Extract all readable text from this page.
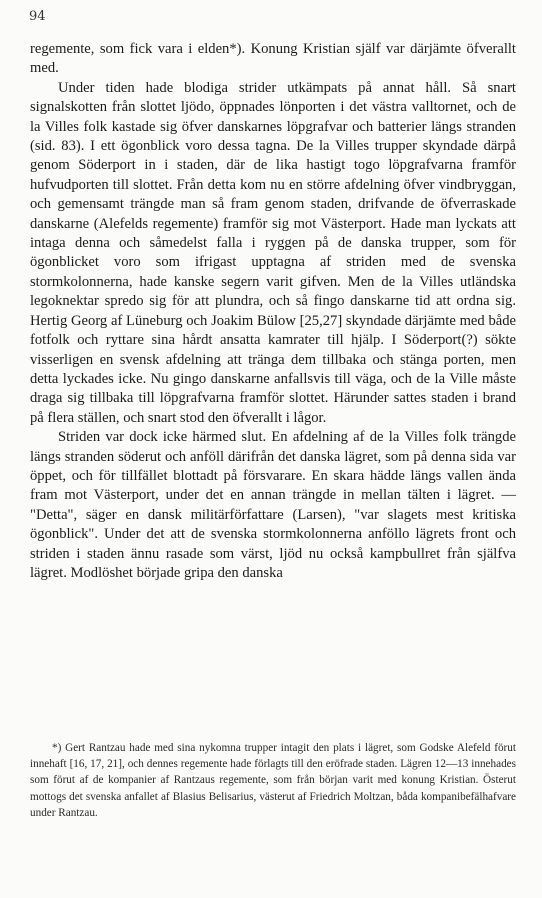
94

regemente, som fick vara i elden*). Konung Kristian själf var därjämte öfverallt med.

Under tiden hade blodiga strider utkämpats på annat håll. Så snart signalskotten från slottet ljödo, öppnades lönporten i det västra valltornet, och de la Villes folk kastade sig öfver danskarnes löpgrafvar och batterier längs stranden (sid. 83). I ett ögonblick voro dessa tagna. De la Villes trupper skyndade därpå genom Söderport in i staden, där de lika hastigt togo löpgrafvarna framför hufvudporten till slottet. Från detta kom nu en större afdelning öfver vindbryggan, och gemensamt trängde man så fram genom staden, drifvande de öfverraskade danskarne (Alefelds regemente) framför sig mot Västerport. Hade man lyckats att intaga denna och såmedelst falla i ryggen på de danska trupper, som för ögonblicket voro som ifrigast upptagna af striden med de svenska stormkolonnerna, hade kanske segern varit gifven. Men de la Villes utländska legoknektar spredo sig för att plundra, och så fingo danskarne tid att ordna sig. Hertig Georg af Lüneburg och Joakim Bülow [25,27] skyndade därjämte med både fotfolk och ryttare sina hårdt ansatta kamrater till hjälp. I Söderport(?) sökte visserligen en svensk afdelning att tränga dem tillbaka och stänga porten, men detta lyckades icke. Nu gingo danskarne anfallsvis till väga, och de la Ville måste draga sig tillbaka till löpgrafvarna framför slottet. Härunder sattes staden i brand på flera ställen, och snart stod den öfverallt i lågor.

Striden var dock icke härmed slut. En afdelning af de la Villes folk trängde längs stranden söderut och anföll därifrån det danska lägret, som på denna sida var öppet, och för tillfället blottadt på försvarare. En skara hädde längs vallen ända fram mot Västerport, under det en annan trängde in mellan tälten i lägret. — "Detta", säger en dansk militärförfattare (Larsen), "var slagets mest kritiska ögonblick". Under det att de svenska stormkolonnerna anföllo lägrets front och striden i staden ännu rasade som värst, ljöd nu också kampbullret från själfva lägret. Modlöshet började gripa den danska

*) Gert Rantzau hade med sina nykomna trupper intagit den plats i lägret, som Godske Alefeld förut innehaft [16, 17, 21], och dennes regemente hade förlagts till den eröfrade staden. Lägren 12—13 innehades som förut af de kompanier af Rantzaus regemente, som från början varit med konung Kristian. Österut mottogs det svenska anfallet af Blasius Belisarius, västerut af Friedrich Moltzan, båda kompanibefälhafvare under Rantzau.
